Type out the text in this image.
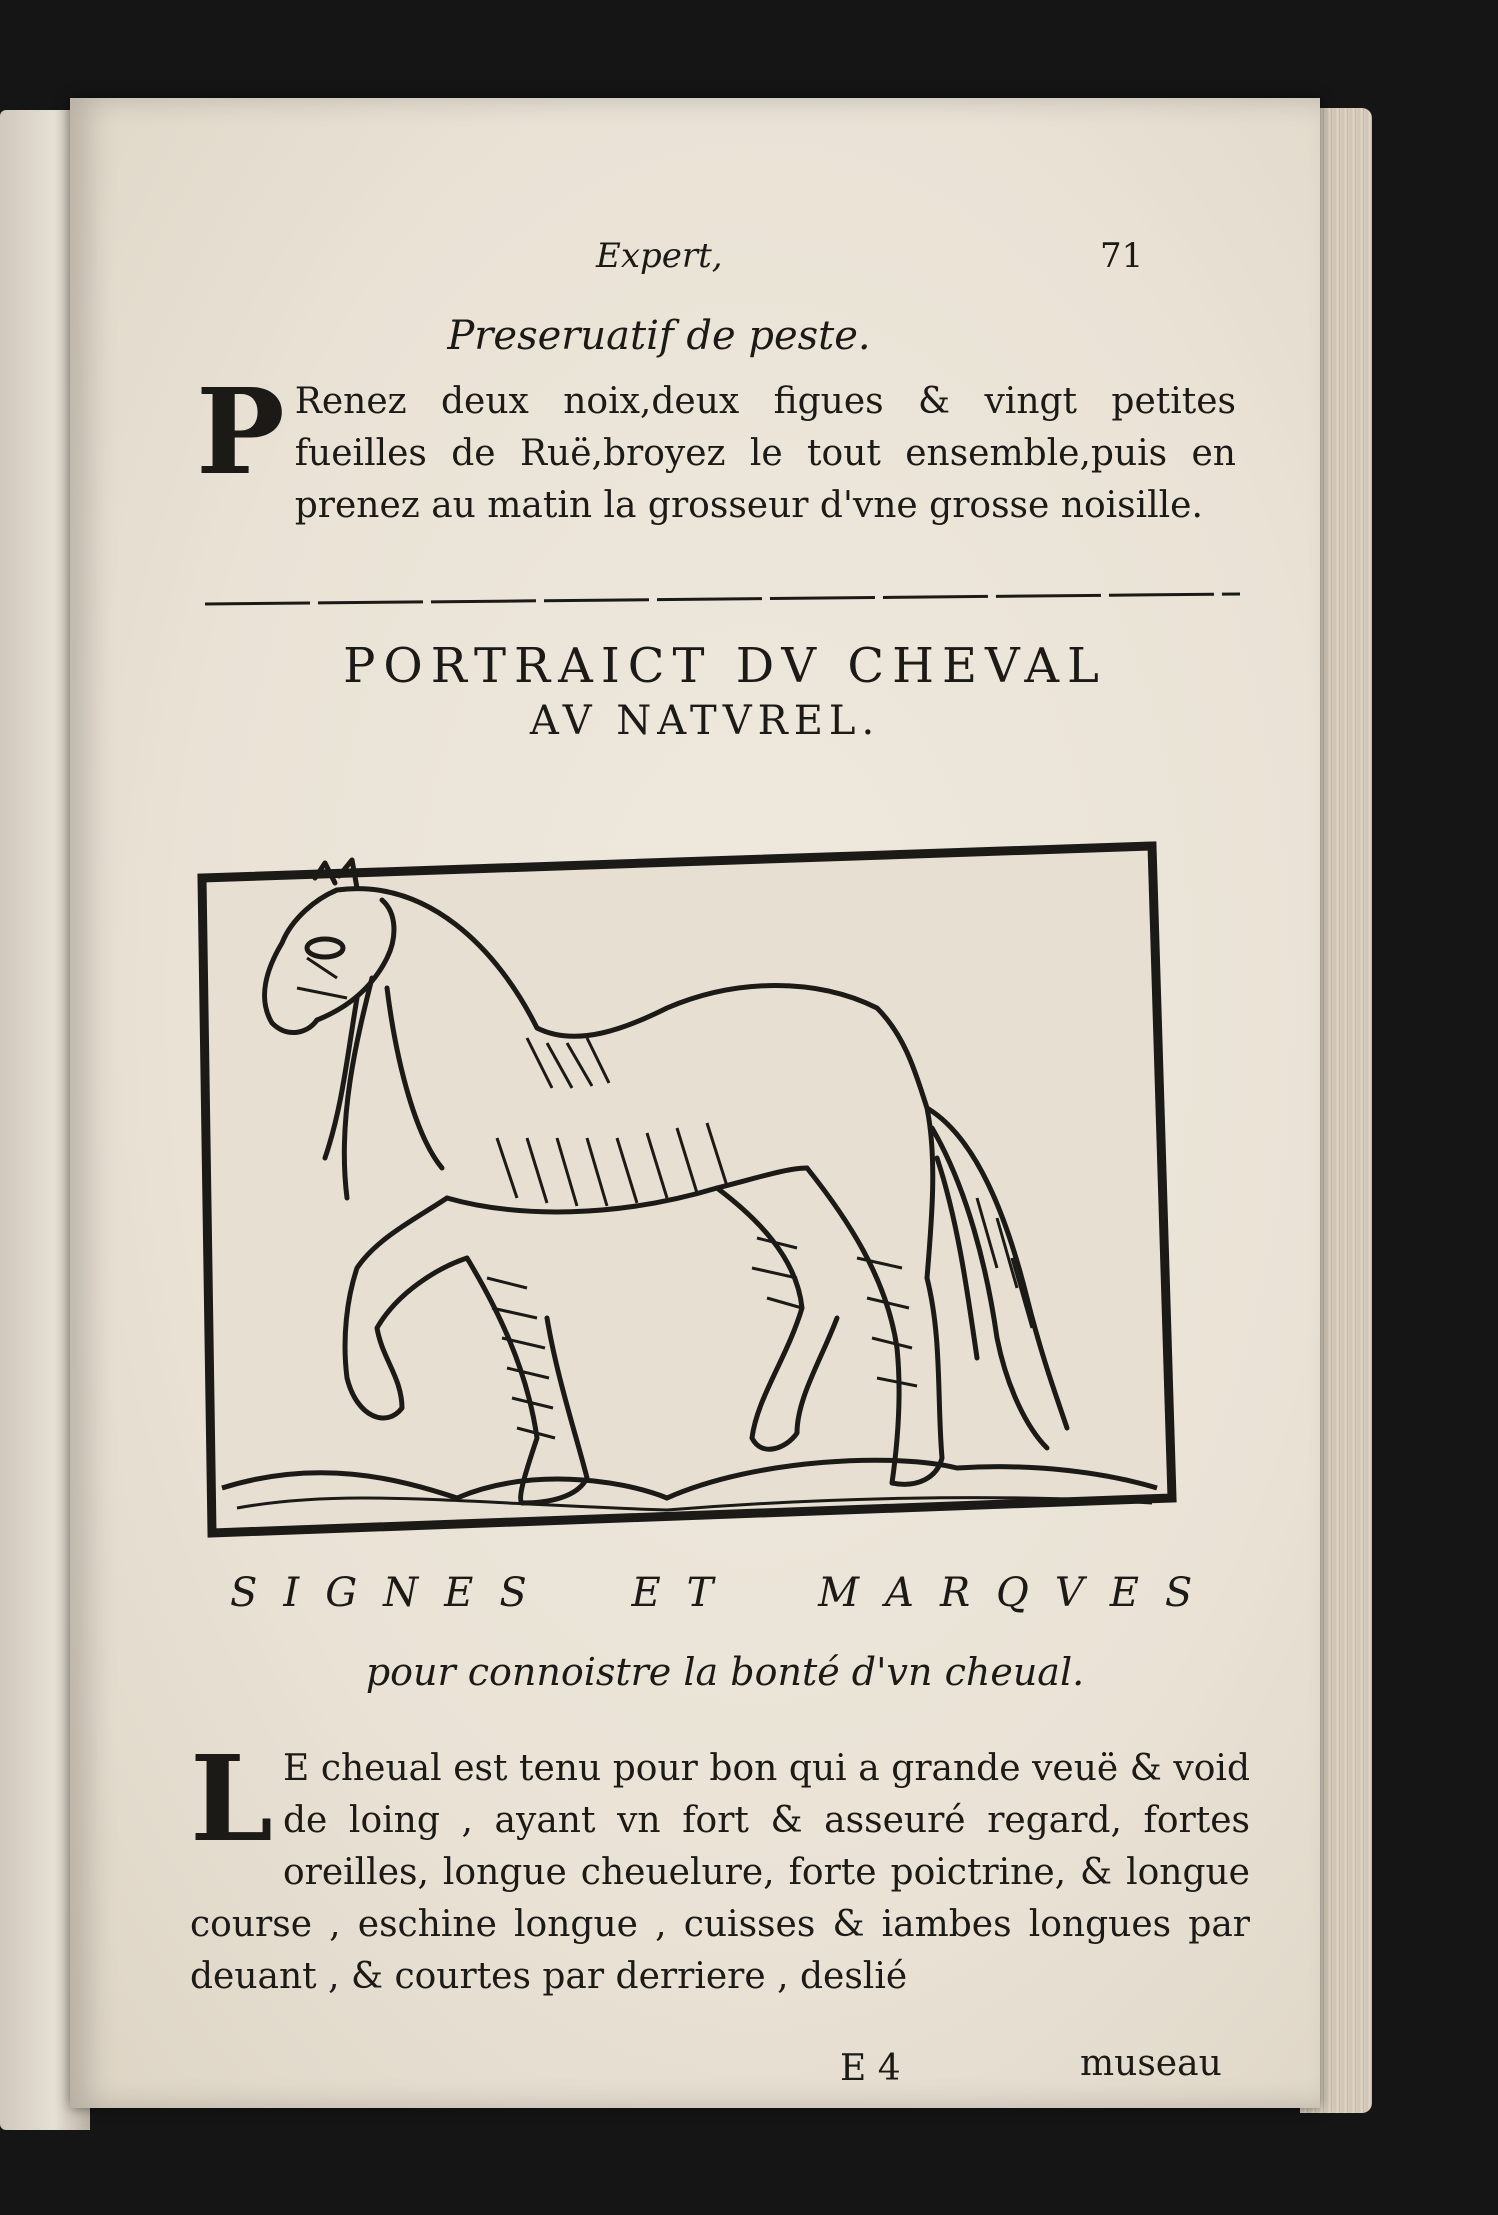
Expert,	71
Preseruatif de peste.
P Renez deux noix,deux figues & vingt petites fueilles de Ruë,broyez le tout ensemble,puis en prenez au matin la grosseur d'vne grosse noisille.
PORTRAICT DV CHEVAL
AV NATVREL.
SIGNES ET MARQVES
pour connoistre la bonté d'vn cheual.
L E cheual est tenu pour bon qui a grande veuë & void de loing , ayant vn fort & asseuré regard, fortes oreilles, longue cheuelure, forte poictrine, & longue course , eschine longue , cuisses & iambes longues par deuant , & courtes par derriere , deslié
E 4	museau
